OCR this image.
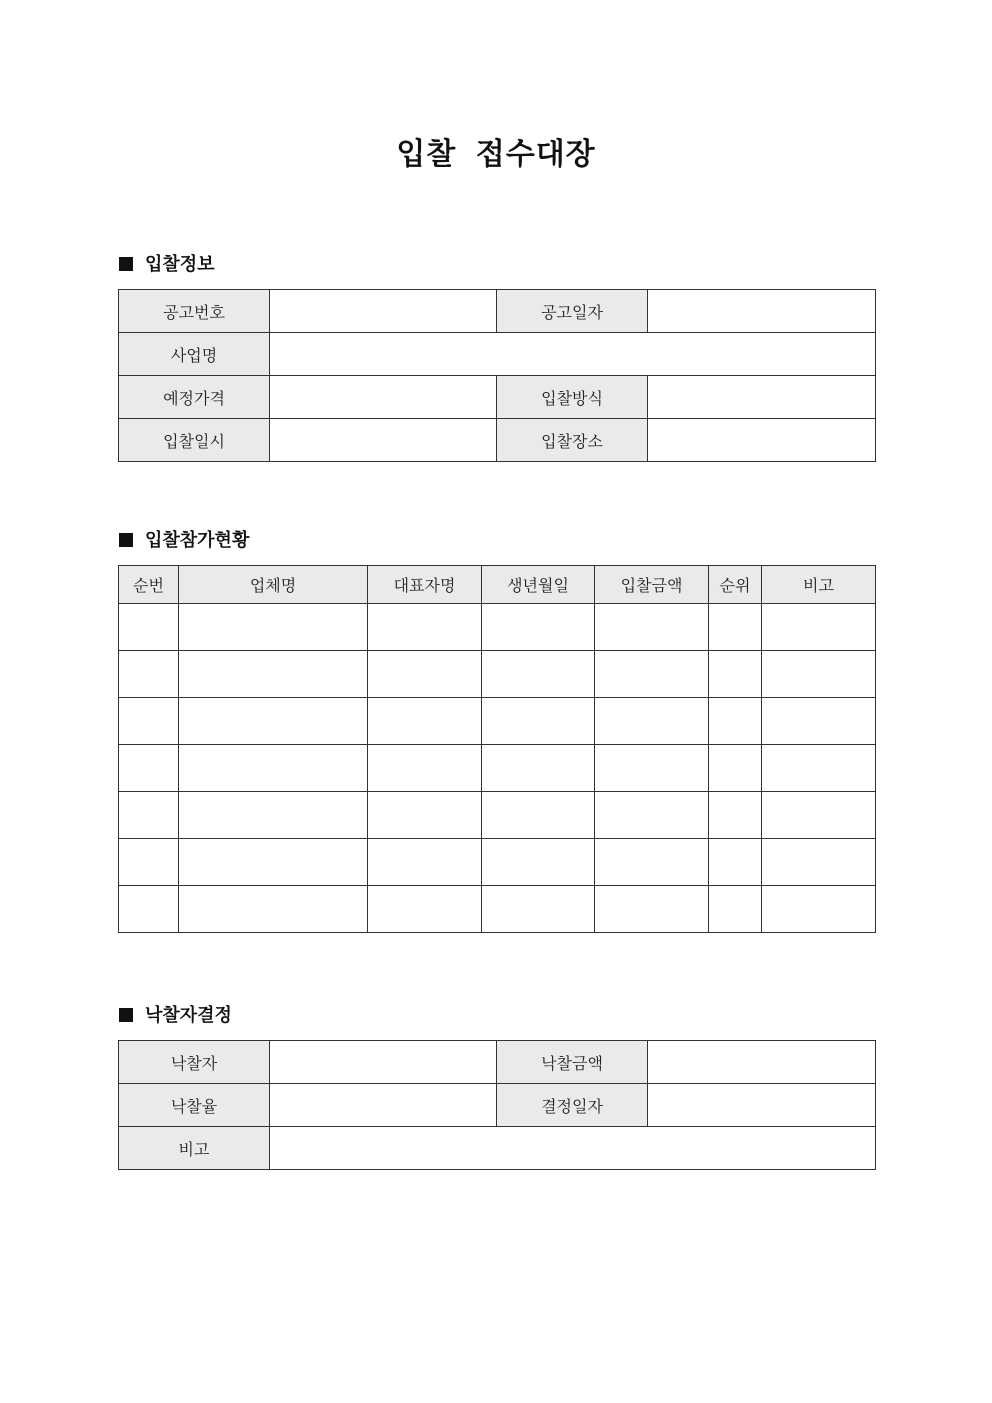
입찰 접수대장
입찰정보
공고번호		공고일자	
사업명			
예정가격		입찰방식	
입찰일시		입찰장소	
입찰참가현황
순번	업체명	대표자명	생년월일	입찰금액	순위	비고

낙찰자결정
낙찰자		낙찰금액	
낙찰율		결정일자	
비고			
